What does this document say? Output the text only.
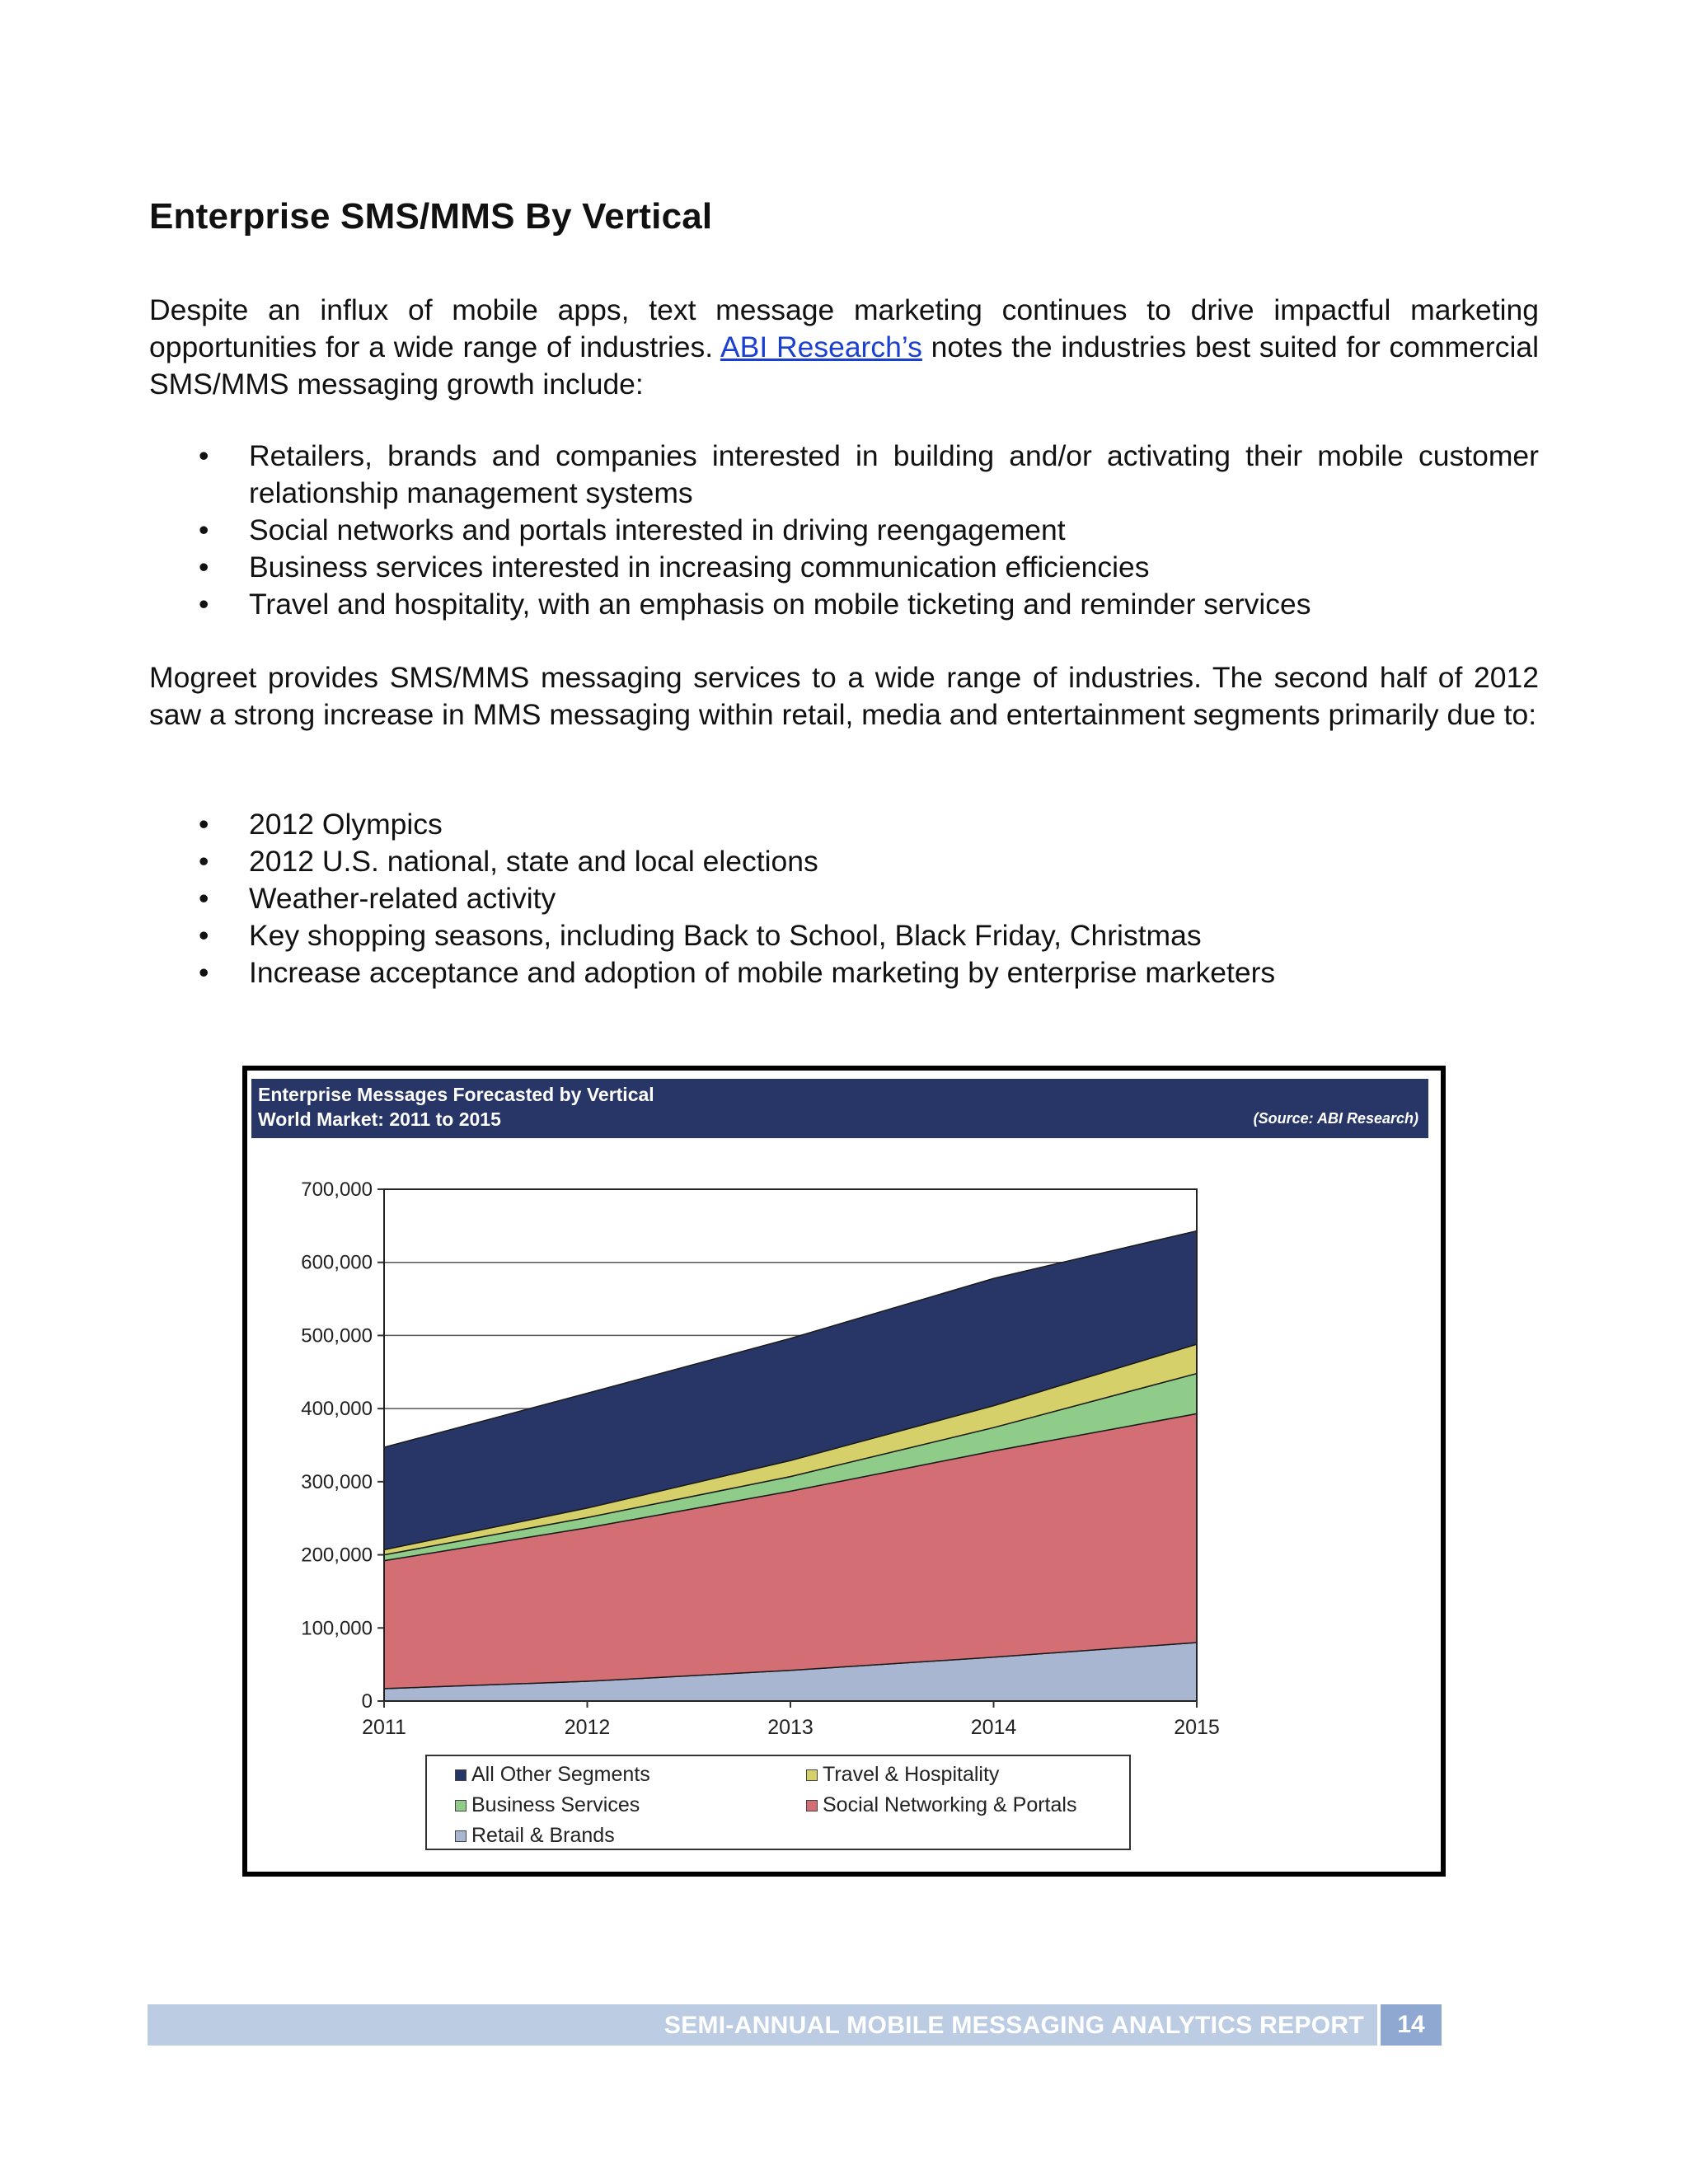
Enterprise SMS/MMS By Vertical

Despite an influx of mobile apps, text message marketing continues to drive impactful marketing opportunities for a wide range of industries. ABI Research’s notes the industries best suited for commercial SMS/MMS messaging growth include:

• Retailers, brands and companies interested in building and/or activating their mobile customer relationship management systems
• Social networks and portals interested in driving reengagement
• Business services interested in increasing communication efficiencies
• Travel and hospitality, with an emphasis on mobile ticketing and reminder services

Mogreet provides SMS/MMS messaging services to a wide range of industries. The second half of 2012 saw a strong increase in MMS messaging within retail, media and entertainment segments primarily due to:

• 2012 Olympics
• 2012 U.S. national, state and local elections
• Weather-related activity
• Key shopping seasons, including Back to School, Black Friday, Christmas
• Increase acceptance and adoption of mobile marketing by enterprise marketers
Enterprise Messages Forecasted by Vertical
World Market: 2011 to 2015	(Source: ABI Research)
0
100,000
200,000
300,000
400,000
500,000
600,000
700,000
2011	2012	2013	2014	2015
All Other Segments	Travel & Hospitality
Business Services	Social Networking & Portals
Retail & Brands
SEMI-ANNUAL MOBILE MESSAGING ANALYTICS REPORT	14
